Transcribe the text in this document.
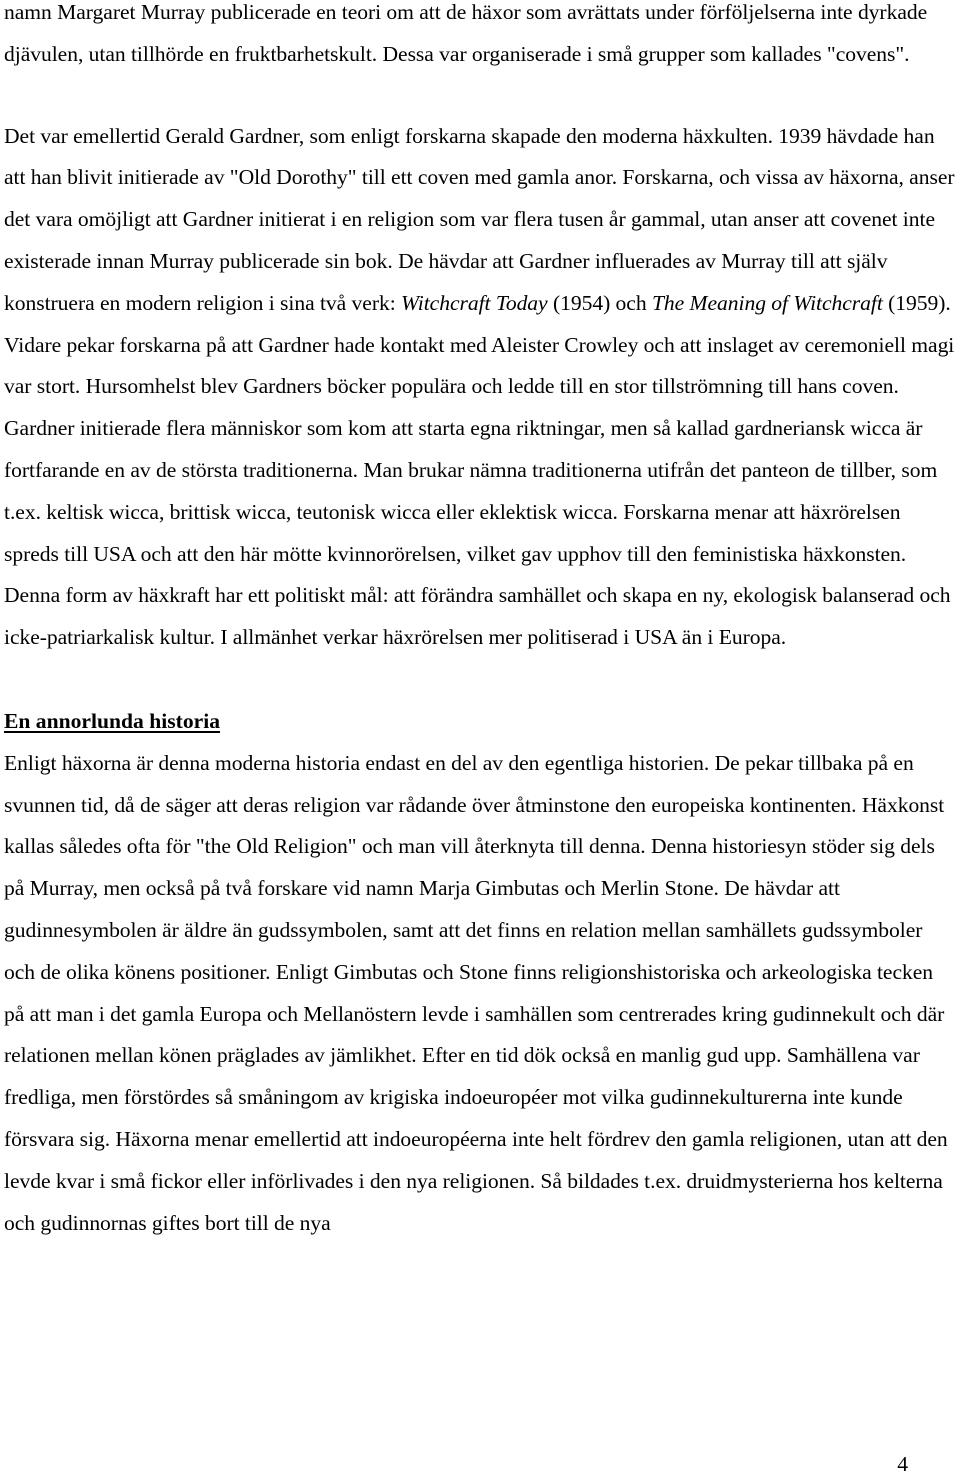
namn Margaret Murray publicerade en teori om att de häxor som avrättats under förföljelserna inte dyrkade djävulen, utan tillhörde en fruktbarhetskult. Dessa var organiserade i små grupper som kallades "covens".

Det var emellertid Gerald Gardner, som enligt forskarna skapade den moderna häxkulten. 1939 hävdade han att han blivit initierade av "Old Dorothy" till ett coven med gamla anor. Forskarna, och vissa av häxorna, anser det vara omöjligt att Gardner initierat i en religion som var flera tusen år gammal, utan anser att covenet inte existerade innan Murray publicerade sin bok. De hävdar att Gardner influerades av Murray till att själv konstruera en modern religion i sina två verk: Witchcraft Today (1954) och The Meaning of Witchcraft (1959). Vidare pekar forskarna på att Gardner hade kontakt med Aleister Crowley och att inslaget av ceremoniell magi var stort. Hursomhelst blev Gardners böcker populära och ledde till en stor tillströmning till hans coven. Gardner initierade flera människor som kom att starta egna riktningar, men så kallad gardneriansk wicca är fortfarande en av de största traditionerna. Man brukar nämna traditionerna utifrån det panteon de tillber, som t.ex. keltisk wicca, brittisk wicca, teutonisk wicca eller eklektisk wicca. Forskarna menar att häxrörelsen spreds till USA och att den här mötte kvinnorörelsen, vilket gav upphov till den feministiska häxkonsten. Denna form av häxkraft har ett politiskt mål: att förändra samhället och skapa en ny, ekologisk balanserad och icke-patriarkalisk kultur. I allmänhet verkar häxrörelsen mer politiserad i USA än i Europa.

En annorlunda historia

Enligt häxorna är denna moderna historia endast en del av den egentliga historien. De pekar tillbaka på en svunnen tid, då de säger att deras religion var rådande över åtminstone den europeiska kontinenten. Häxkonst kallas således ofta för "the Old Religion" och man vill återknyta till denna. Denna historiesyn stöder sig dels på Murray, men också på två forskare vid namn Marja Gimbutas och Merlin Stone. De hävdar att gudinnesymbolen är äldre än gudssymbolen, samt att det finns en relation mellan samhällets gudssymboler och de olika könens positioner. Enligt Gimbutas och Stone finns religionshistoriska och arkeologiska tecken på att man i det gamla Europa och Mellanöstern levde i samhällen som centrerades kring gudinnekult och där relationen mellan könen präglades av jämlikhet. Efter en tid dök också en manlig gud upp. Samhällena var fredliga, men förstördes så småningom av krigiska indoeuropéer mot vilka gudinnekulturerna inte kunde försvara sig. Häxorna menar emellertid att indoeuropéerna inte helt fördrev den gamla religionen, utan att den levde kvar i små fickor eller införlivades i den nya religionen. Så bildades t.ex. druidmysterierna hos kelterna och gudinnornas giftes bort till de nya

4
